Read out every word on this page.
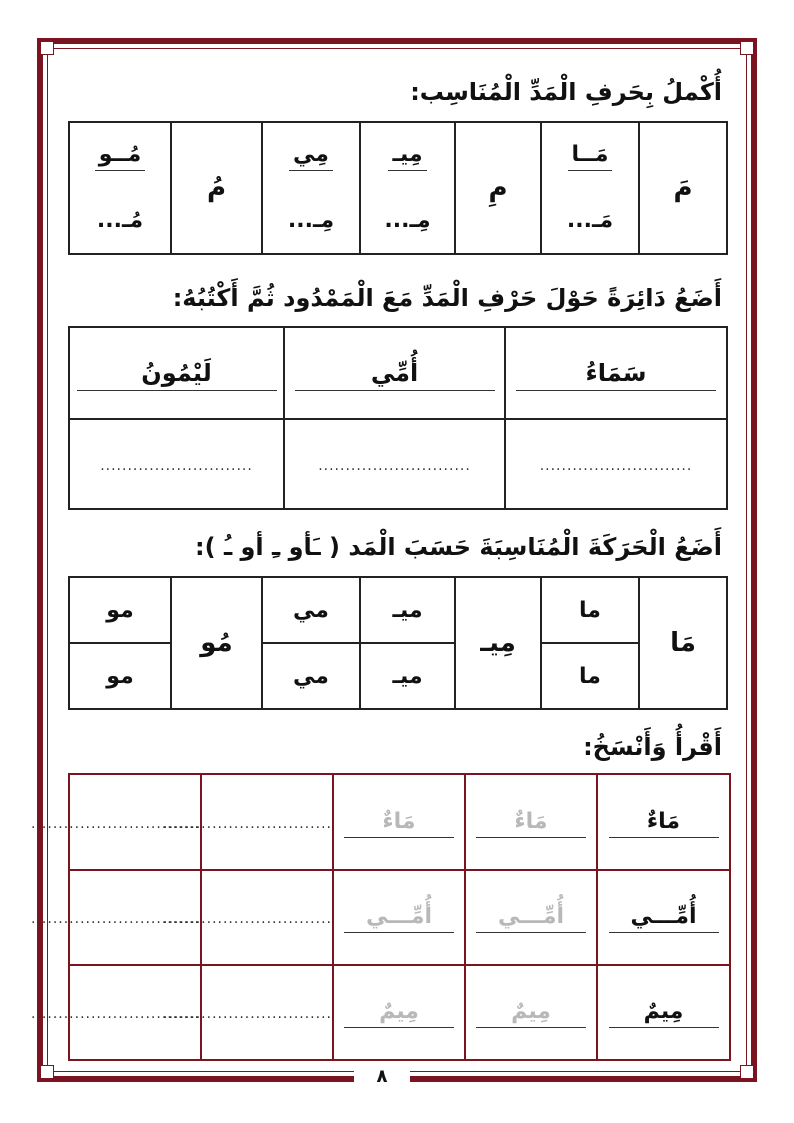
أُكْملُ بِحَرفِ الْمَدِّ الْمُنَاسِب:
مَ	مَــا	مِ	مِيـ	مِي	مُ	مُــو
	مَـ...		مِـ...	مِـ...		مُـ...
أَضَعُ دَائِرَةً حَوْلَ حَرْفِ الْمَدِّ مَعَ الْمَمْدُود ثُمَّ أَكْتُبُهُ:
سَمَاءُ	أُمِّي	لَيْمُونُ
............................	............................	............................
أَضَعُ الْحَرَكَةَ الْمُنَاسِبَةَ حَسَبَ الْمَد ( ـَأو ـِ أو ـُ ):
مَا	ما	مِيـ	ميـ	مي	مُو	مو
	ما		ميـ	مي		مو
أَقْرأُ وَأَنْسَخُ:
مَاءٌ	مَاءٌ	مَاءٌ	...............................	...............................
أُمِّـــي	أُمِّـــي	أُمِّـــي	...............................	...............................
مِيمٌ	مِيمٌ	مِيمٌ	...............................	...............................
٨
